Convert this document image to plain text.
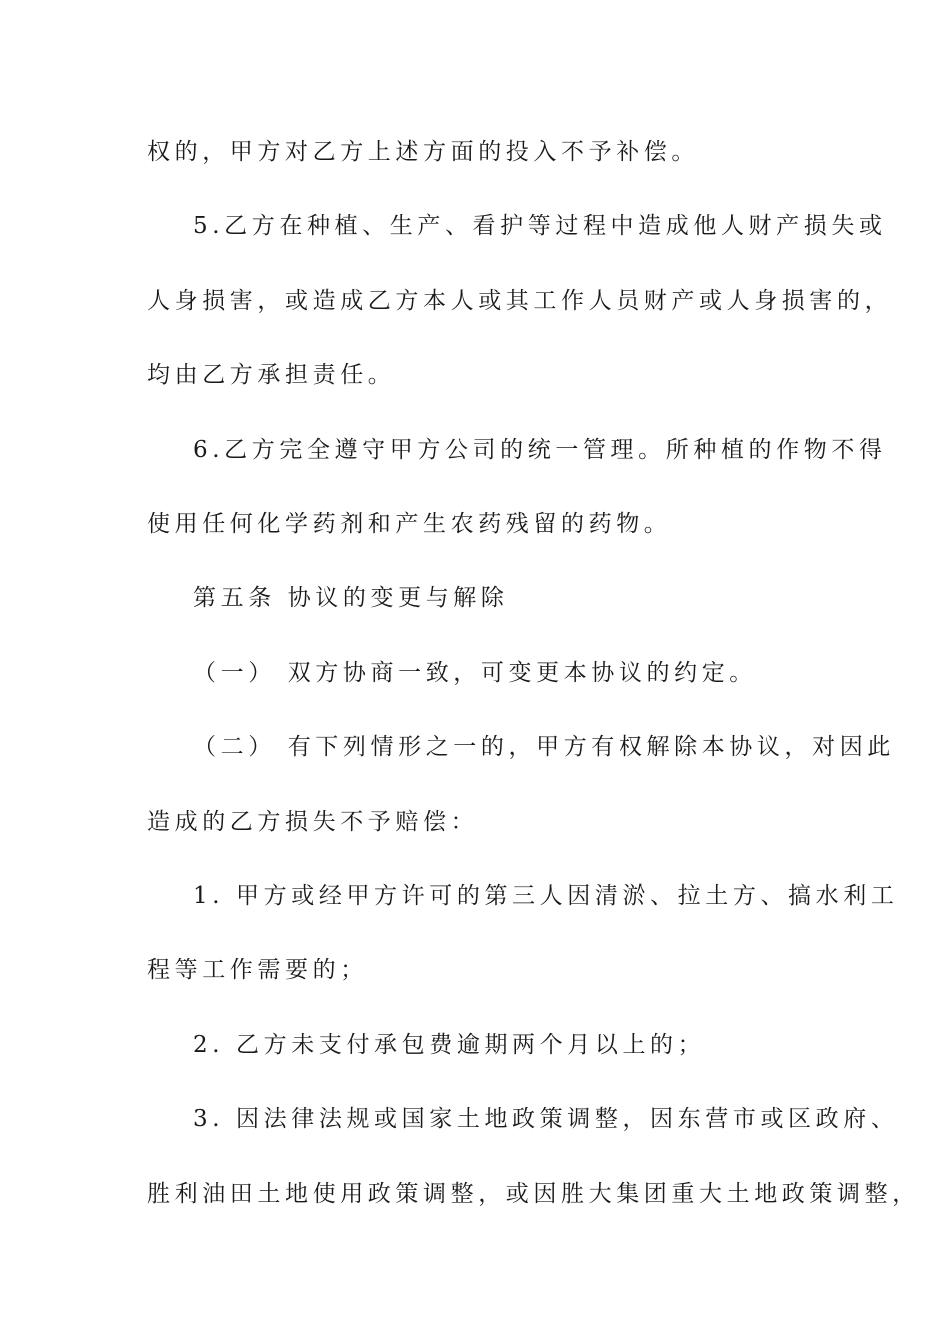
权的，甲方对乙方上述方面的投入不予补偿。
5.乙方在种植、生产、看护等过程中造成他人财产损失或
人身损害，或造成乙方本人或其工作人员财产或人身损害的，
均由乙方承担责任。
6.乙方完全遵守甲方公司的统一管理。所种植的作物不得
使用任何化学药剂和产生农药残留的药物。
第五条 协议的变更与解除
（一） 双方协商一致，可变更本协议的约定。
（二） 有下列情形之一的，甲方有权解除本协议，对因此
造成的乙方损失不予赔偿：
1. 甲方或经甲方许可的第三人因清淤、拉土方、搞水利工
程等工作需要的；
2. 乙方未支付承包费逾期两个月以上的；
3. 因法律法规或国家土地政策调整，因东营市或区政府、
胜利油田土地使用政策调整，或因胜大集团重大土地政策调整，
